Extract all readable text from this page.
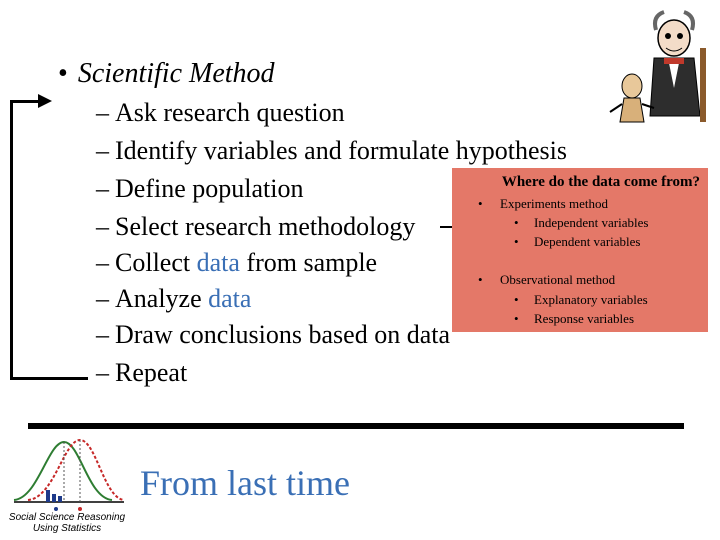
• Scientific Method
– Ask research question
– Identify variables and formulate hypothesis
– Define population
– Select research methodology
– Collect data from sample
– Analyze data
– Draw conclusions based on data
– Repeat
Where do the data come from?
• Experiments method
• Independent variables
• Dependent variables
• Observational method
• Explanatory variables
• Response variables
Social Science Reasoning
Using Statistics
From last time
